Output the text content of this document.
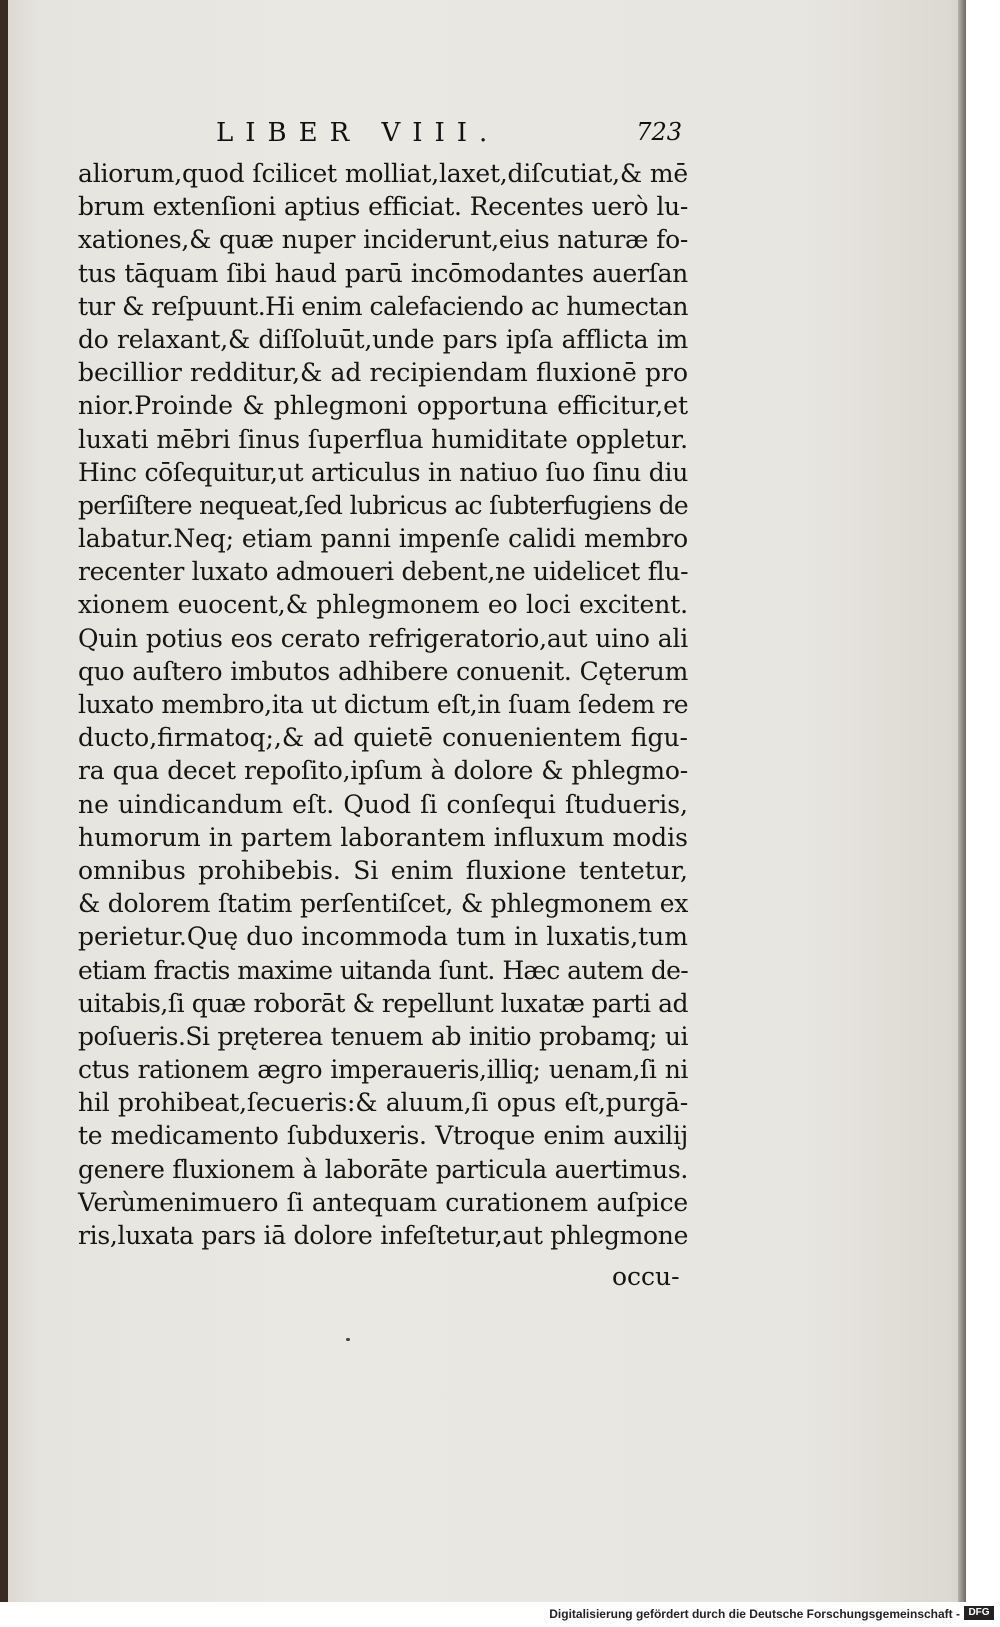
LIBER VIII.	723
aliorum,quod ſcilicet molliat,laxet,diſcutiat,& mē
brum extenſioni aptius efficiat. Recentes uerò lu-
xationes,& quæ nuper inciderunt,eius naturæ fo-
tus tāquam ſibi haud parū incōmodantes auerſan
tur & reſpuunt.Hi enim calefaciendo ac humectan
do relaxant,& diſſoluūt,unde pars ipſa afflicta im
becillior redditur,& ad recipiendam fluxionē pro
nior.Proinde & phlegmoni opportuna efficitur,et
luxati mēbri ſinus ſuperflua humiditate oppletur.
Hinc cōſequitur,ut articulus in natiuo ſuo ſinu diu
perſiſtere nequeat,ſed lubricus ac ſubterfugiens de
labatur.Neq; etiam panni impenſe calidi membro
recenter luxato admoueri debent,ne uidelicet flu-
xionem euocent,& phlegmonem eo loci excitent.
Quin potius eos cerato refrigeratorio,aut uino ali
quo auſtero imbutos adhibere conuenit. Cęterum
luxato membro,ita ut dictum eſt,in ſuam ſedem re
ducto,firmatoq;,& ad quietē conuenientem figu-
ra qua decet repoſito,ipſum à dolore & phlegmo-
ne uindicandum eſt. Quod ſi conſequi ſtudueris,
humorum in partem laborantem influxum modis
omnibus prohibebis. Si enim fluxione tentetur,
& dolorem ſtatim perſentiſcet, & phlegmonem ex
perietur.Quę duo incommoda tum in luxatis,tum
etiam fractis maxime uitanda ſunt. Hæc autem de-
uitabis,ſi quæ roborāt & repellunt luxatæ parti ad
poſueris.Si pręterea tenuem ab initio probamq; ui
ctus rationem ægro imperaueris,illiq; uenam,ſi ni
hil prohibeat,ſecueris:& aluum,ſi opus eſt,purgā-
te medicamento ſubduxeris. Vtroque enim auxilij
genere fluxionem à laborāte particula auertimus.
Verùmenimuero ſi antequam curationem auſpice
ris,luxata pars iā dolore infeſtetur,aut phlegmone
occu-
Digitalisierung gefördert durch die Deutsche Forschungsgemeinschaft - DFG
